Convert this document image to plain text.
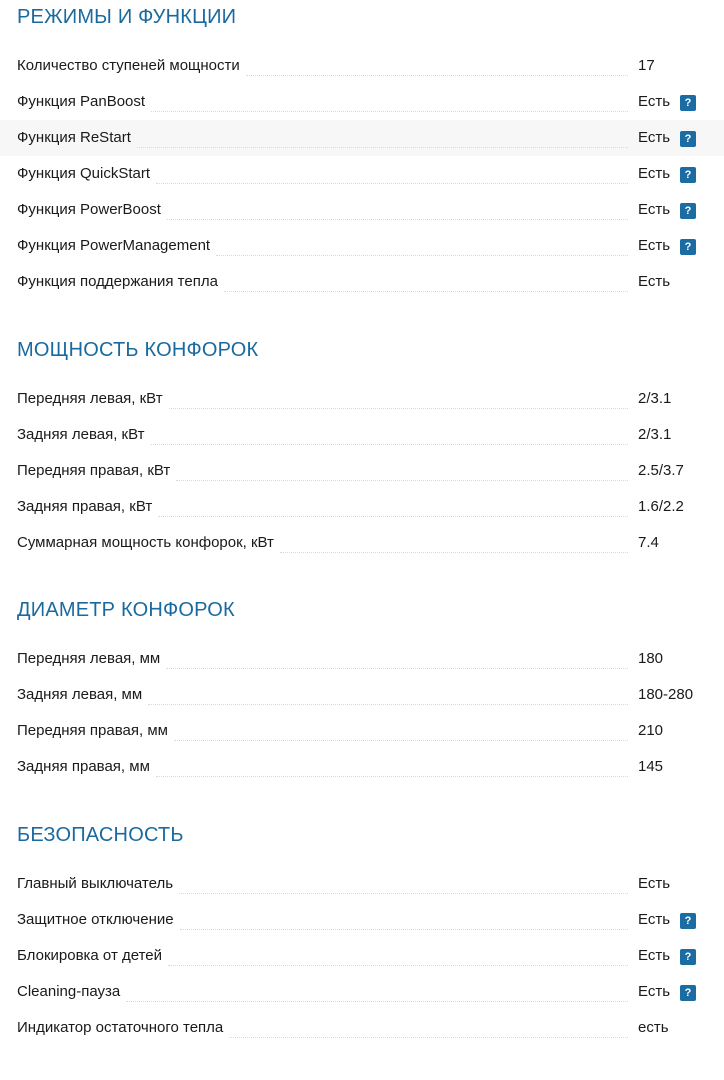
РЕЖИМЫ И ФУНКЦИИ
Количество ступеней мощности	17
Функция PanBoost	Есть	?
Функция ReStart	Есть	?
Функция QuickStart	Есть	?
Функция PowerBoost	Есть	?
Функция PowerManagement	Есть	?
Функция поддержания тепла	Есть
МОЩНОСТЬ КОНФОРОК
Передняя левая, кВт	2/3.1
Задняя левая, кВт	2/3.1
Передняя правая, кВт	2.5/3.7
Задняя правая, кВт	1.6/2.2
Суммарная мощность конфорок, кВт	7.4
ДИАМЕТР КОНФОРОК
Передняя левая, мм	180
Задняя левая, мм	180-280
Передняя правая, мм	210
Задняя правая, мм	145
БЕЗОПАСНОСТЬ
Главный выключатель	Есть
Защитное отключение	Есть	?
Блокировка от детей	Есть	?
Cleaning-пауза	Есть	?
Индикатор остаточного тепла	есть
